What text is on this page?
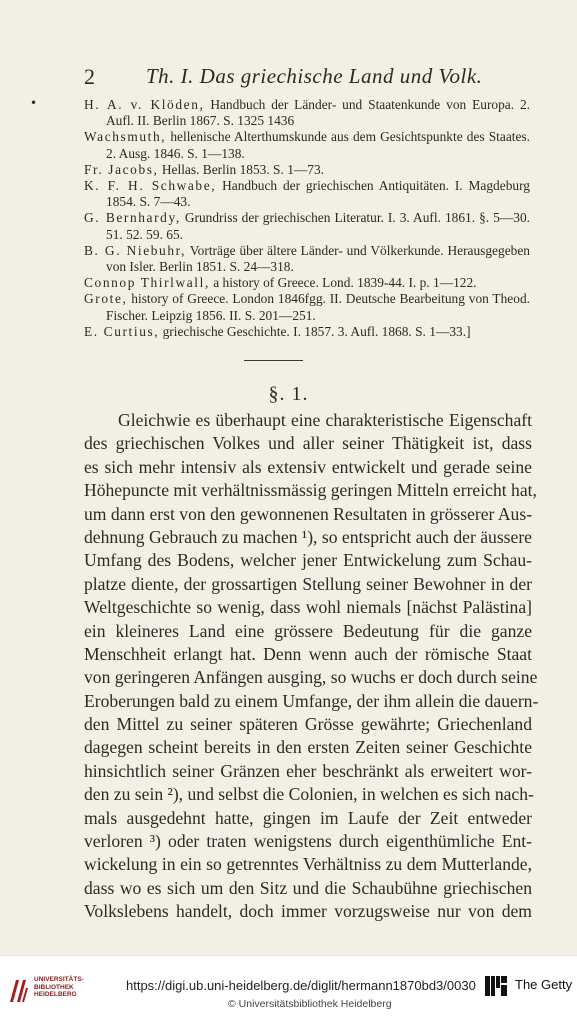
2 Th. I. Das griechische Land und Volk.
•	H. A. v. Klöden, Handbuch der Länder- und Staatenkunde von Europa. 2. Aufl. II. Berlin 1867. S. 1325 1436

Wachsmuth, hellenische Alterthumskunde aus dem Gesichtspunkte des Staates. 2. Ausg. 1846. S. 1—138.

Fr. Jacobs, Hellas. Berlin 1853. S. 1—73.

K. F. H. Schwabe, Handbuch der griechischen Antiquitäten. I. Magdeburg 1854. S. 7—43.

G. Bernhardy, Grundriss der griechischen Literatur. I. 3. Aufl. 1861. §. 5—30. 51. 52. 59. 65.

B. G. Niebuhr, Vorträge über ältere Länder- und Völkerkunde. Herausgegeben von Isler. Berlin 1851. S. 24—318.

Connop Thirlwall, a history of Greece. Lond. 1839-44. I. p. 1—122.

Grote, history of Greece. London 1846fgg. II. Deutsche Bearbeitung von Theod. Fischer. Leipzig 1856. II. S. 201—251.

E. Curtius, griechische Geschichte. I. 1857. 3. Aufl. 1868. S. 1—33.]

§. 1.
Gleichwie es überhaupt eine charakteristische Eigenschaft
des griechischen Volkes und aller seiner Thätigkeit ist, dass
es sich mehr intensiv als extensiv entwickelt und gerade seine
Höhepuncte mit verhältnissmässig geringen Mitteln erreicht hat,
um dann erst von den gewonnenen Resultaten in grösserer Aus-
dehnung Gebrauch zu machen ¹), so entspricht auch der äussere
Umfang des Bodens, welcher jener Entwickelung zum Schau-
platze diente, der grossartigen Stellung seiner Bewohner in der
Weltgeschichte so wenig, dass wohl niemals [nächst Palästina]
ein kleineres Land eine grössere Bedeutung für die ganze
Menschheit erlangt hat. Denn wenn auch der römische Staat
von geringeren Anfängen ausging, so wuchs er doch durch seine
Eroberungen bald zu einem Umfange, der ihm allein die dauern-
den Mittel zu seiner späteren Grösse gewährte; Griechenland
dagegen scheint bereits in den ersten Zeiten seiner Geschichte
hinsichtlich seiner Gränzen eher beschränkt als erweitert wor-
den zu sein ²), und selbst die Colonien, in welchen es sich nach-
mals ausgedehnt hatte, gingen im Laufe der Zeit entweder
verloren ³) oder traten wenigstens durch eigenthümliche Ent-
wickelung in ein so getrenntes Verhältniss zu dem Mutterlande,
dass wo es sich um den Sitz und die Schaubühne griechischen
Volkslebens handelt, doch immer vorzugsweise nur von dem
UNIVERSITÄTS-
BIBLIOTHEK
HEIDELBERG
https://digi.ub.uni-heidelberg.de/diglit/hermann1870bd3/0030
© Universitätsbibliothek Heidelberg
The Getty
